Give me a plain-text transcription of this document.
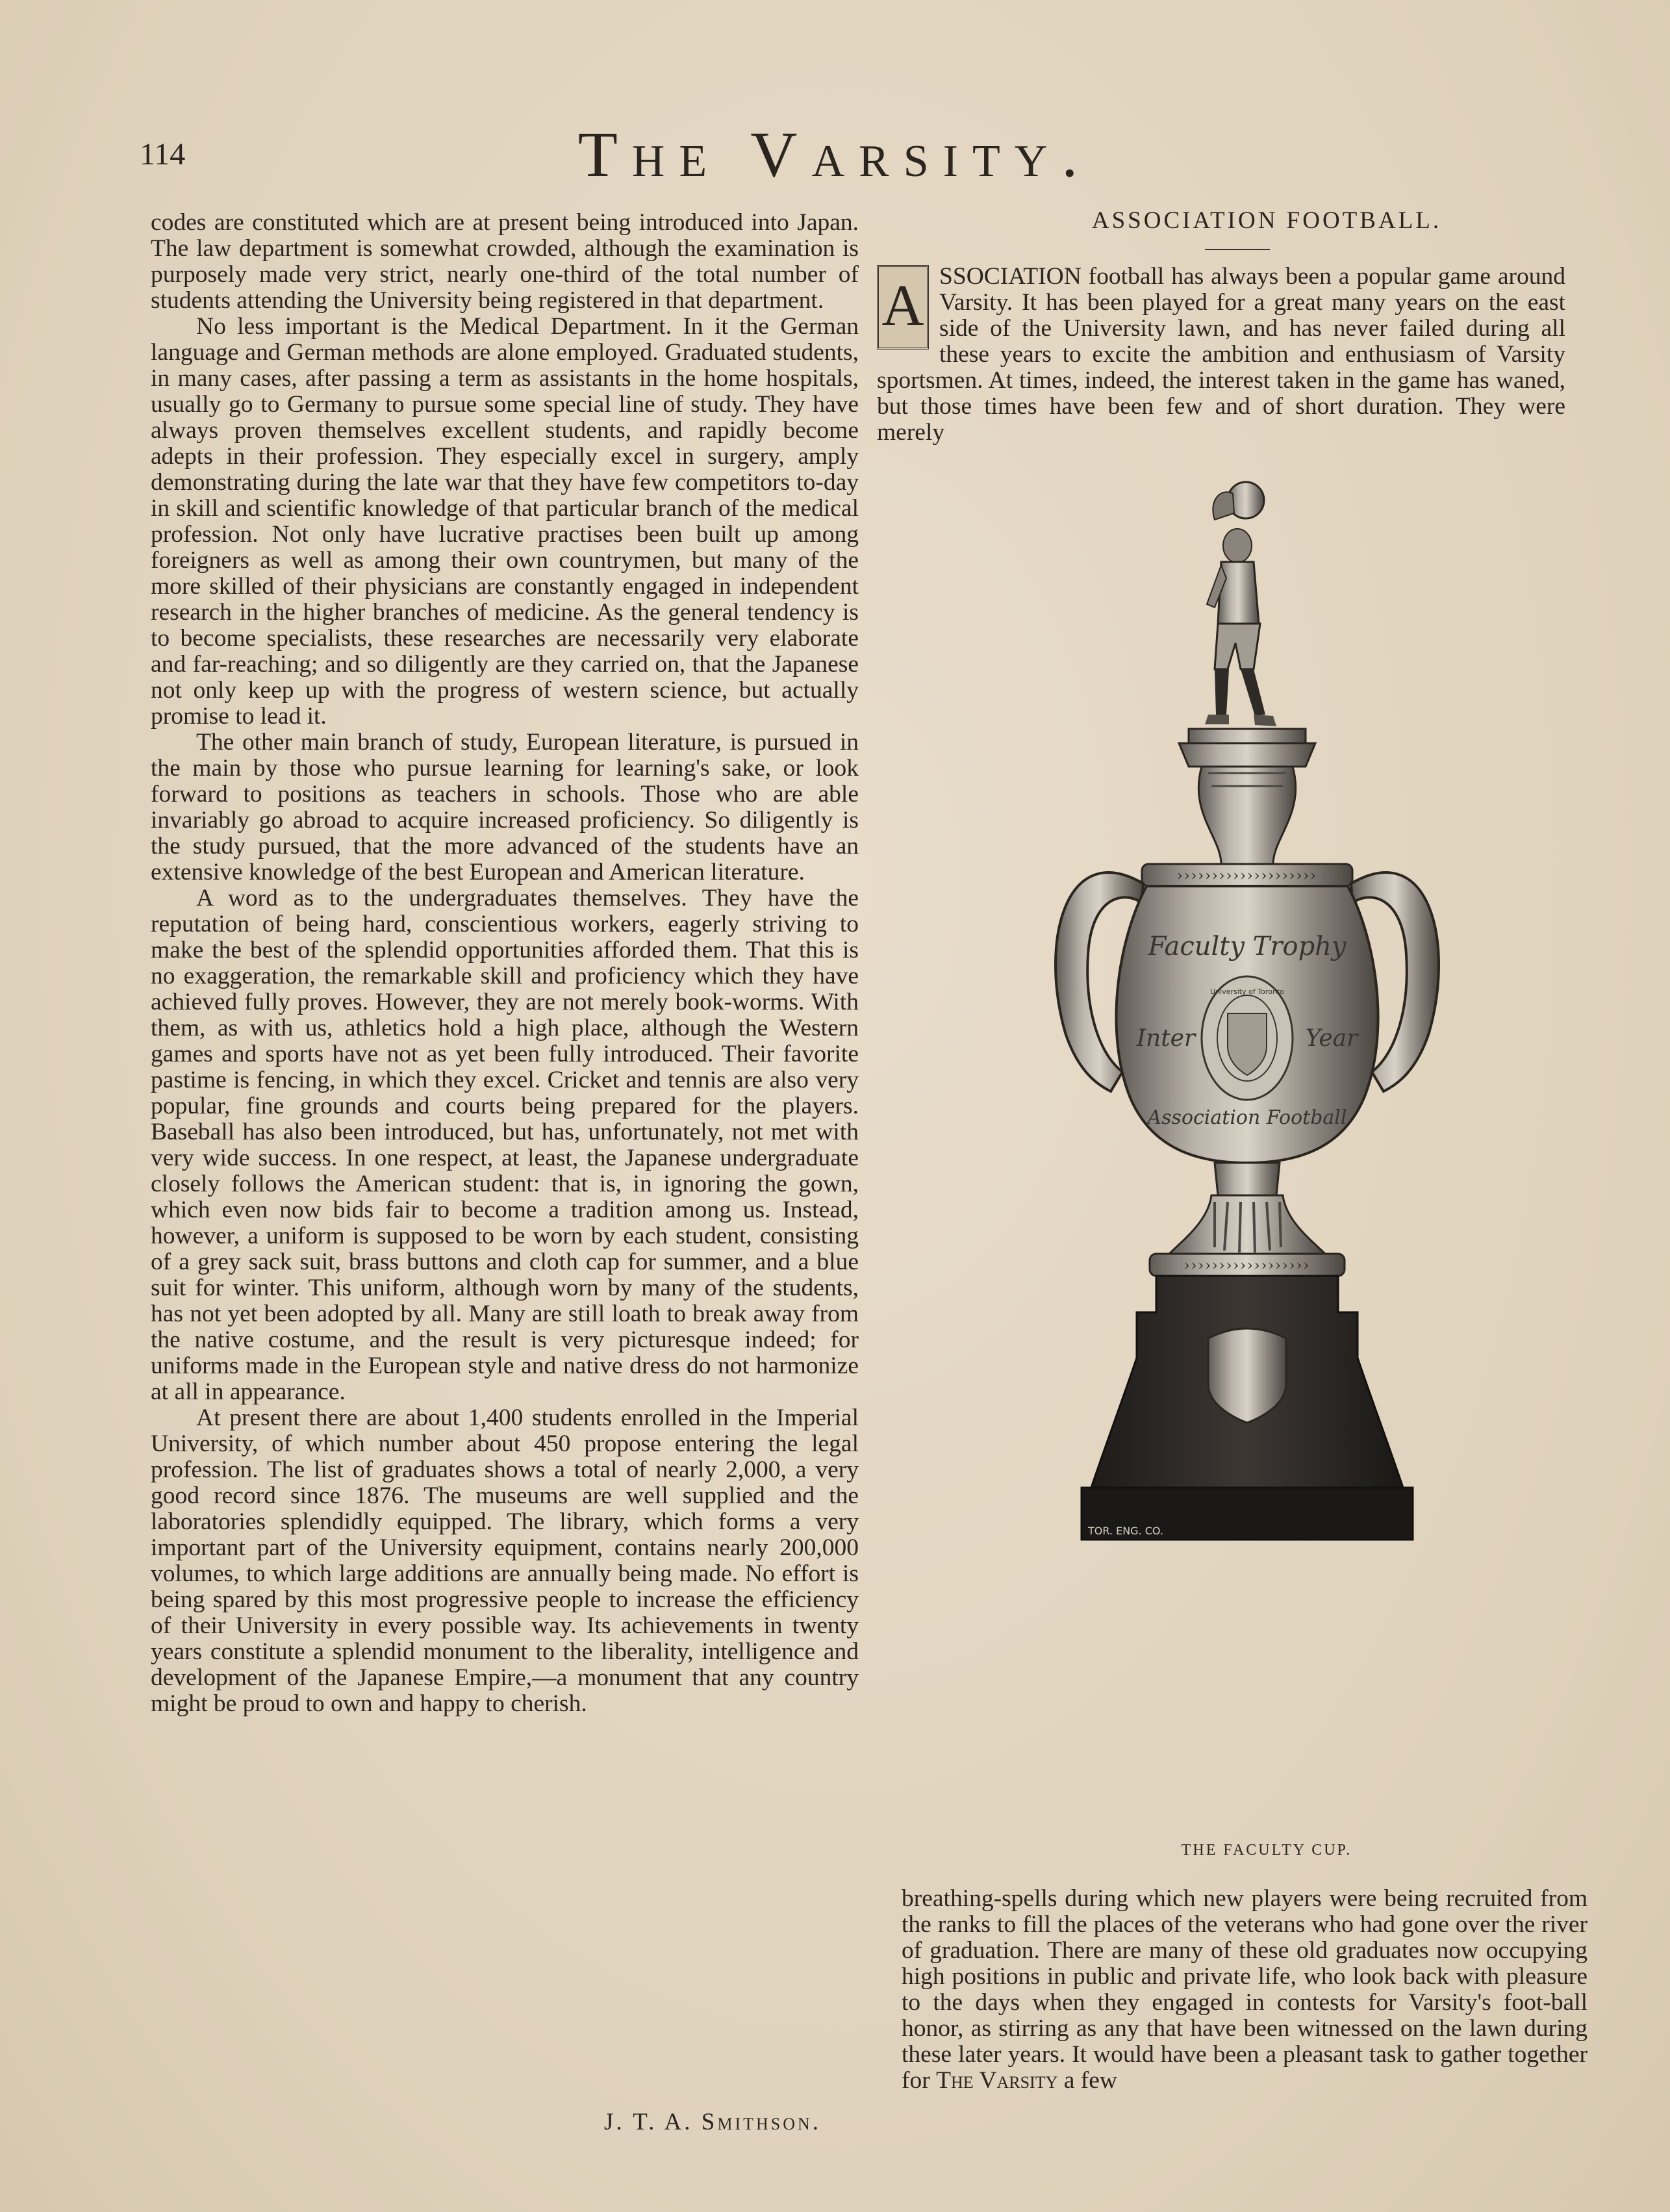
114	The Varsity.

codes are constituted which are at present being introduced into Japan. The law department is somewhat crowded, although the examination is purposely made very strict, nearly one-third of the total number of students attending the University being registered in that department.

No less important is the Medical Department. In it the German language and German methods are alone employed. Graduated students, in many cases, after passing a term as assistants in the home hospitals, usually go to Germany to pursue some special line of study. They have always proven themselves excellent students, and rapidly become adepts in their profession. They especially excel in surgery, amply demonstrating during the late war that they have few competitors to-day in skill and scientific knowledge of that particular branch of the medical profession. Not only have lucrative practises been built up among foreigners as well as among their own countrymen, but many of the more skilled of their physicians are constantly engaged in independent research in the higher branches of medicine. As the general tendency is to become specialists, these researches are necessarily very elaborate and far-reaching; and so diligently are they carried on, that the Japanese not only keep up with the progress of western science, but actually promise to lead it.

The other main branch of study, European literature, is pursued in the main by those who pursue learning for learning's sake, or look forward to positions as teachers in schools. Those who are able invariably go abroad to acquire increased proficiency. So diligently is the study pursued, that the more advanced of the students have an extensive knowledge of the best European and American literature.

A word as to the undergraduates themselves. They have the reputation of being hard, conscientious workers, eagerly striving to make the best of the splendid opportunities afforded them. That this is no exaggeration, the remarkable skill and proficiency which they have achieved fully proves. However, they are not merely book-worms. With them, as with us, athletics hold a high place, although the Western games and sports have not as yet been fully introduced. Their favorite pastime is fencing, in which they excel. Cricket and tennis are also very popular, fine grounds and courts being prepared for the players. Baseball has also been introduced, but has, unfortunately, not met with very wide success. In one respect, at least, the Japanese undergraduate closely follows the American student: that is, in ignoring the gown, which even now bids fair to become a tradition among us. Instead, however, a uniform is supposed to be worn by each student, consisting of a grey sack suit, brass buttons and cloth cap for summer, and a blue suit for winter. This uniform, although worn by many of the students, has not yet been adopted by all. Many are still loath to break away from the native costume, and the result is very picturesque indeed; for uniforms made in the European style and native dress do not harmonize at all in appearance.

At present there are about 1,400 students enrolled in the Imperial University, of which number about 450 propose entering the legal profession. The list of graduates shows a total of nearly 2,000, a very good record since 1876. The museums are well supplied and the laboratories splendidly equipped. The library, which forms a very important part of the University equipment, contains nearly 200,000 volumes, to which large additions are annually being made. No effort is being spared by this most progressive people to increase the efficiency of their University in every possible way. Its achievements in twenty years constitute a splendid monument to the liberality, intelligence and development of the Japanese Empire,—a monument that any country might be proud to own and happy to cherish.

J. T. A. Smithson.
ASSOCIATION FOOTBALL.

A SSOCIATION football has always been a popular game around Varsity. It has been played for a great many years on the east side of the University lawn, and has never failed during all these years to excite the ambition and enthusiasm of Varsity sportsmen. At times, indeed, the interest taken in the game has waned, but those times have been few and of short duration. They were merely

››››››››››››››››››››
Faculty Trophy
Inter	Year
University of Toronto
Association Football
››››››››››››››››››
TOR. ENG. CO.
THE FACULTY CUP.

breathing-spells during which new players were being recruited from the ranks to fill the places of the veterans who had gone over the river of graduation. There are many of these old graduates now occupying high positions in public and private life, who look back with pleasure to the days when they engaged in contests for Varsity's foot-ball honor, as stirring as any that have been witnessed on the lawn during these later years. It would have been a pleasant task to gather together for The Varsity a few
